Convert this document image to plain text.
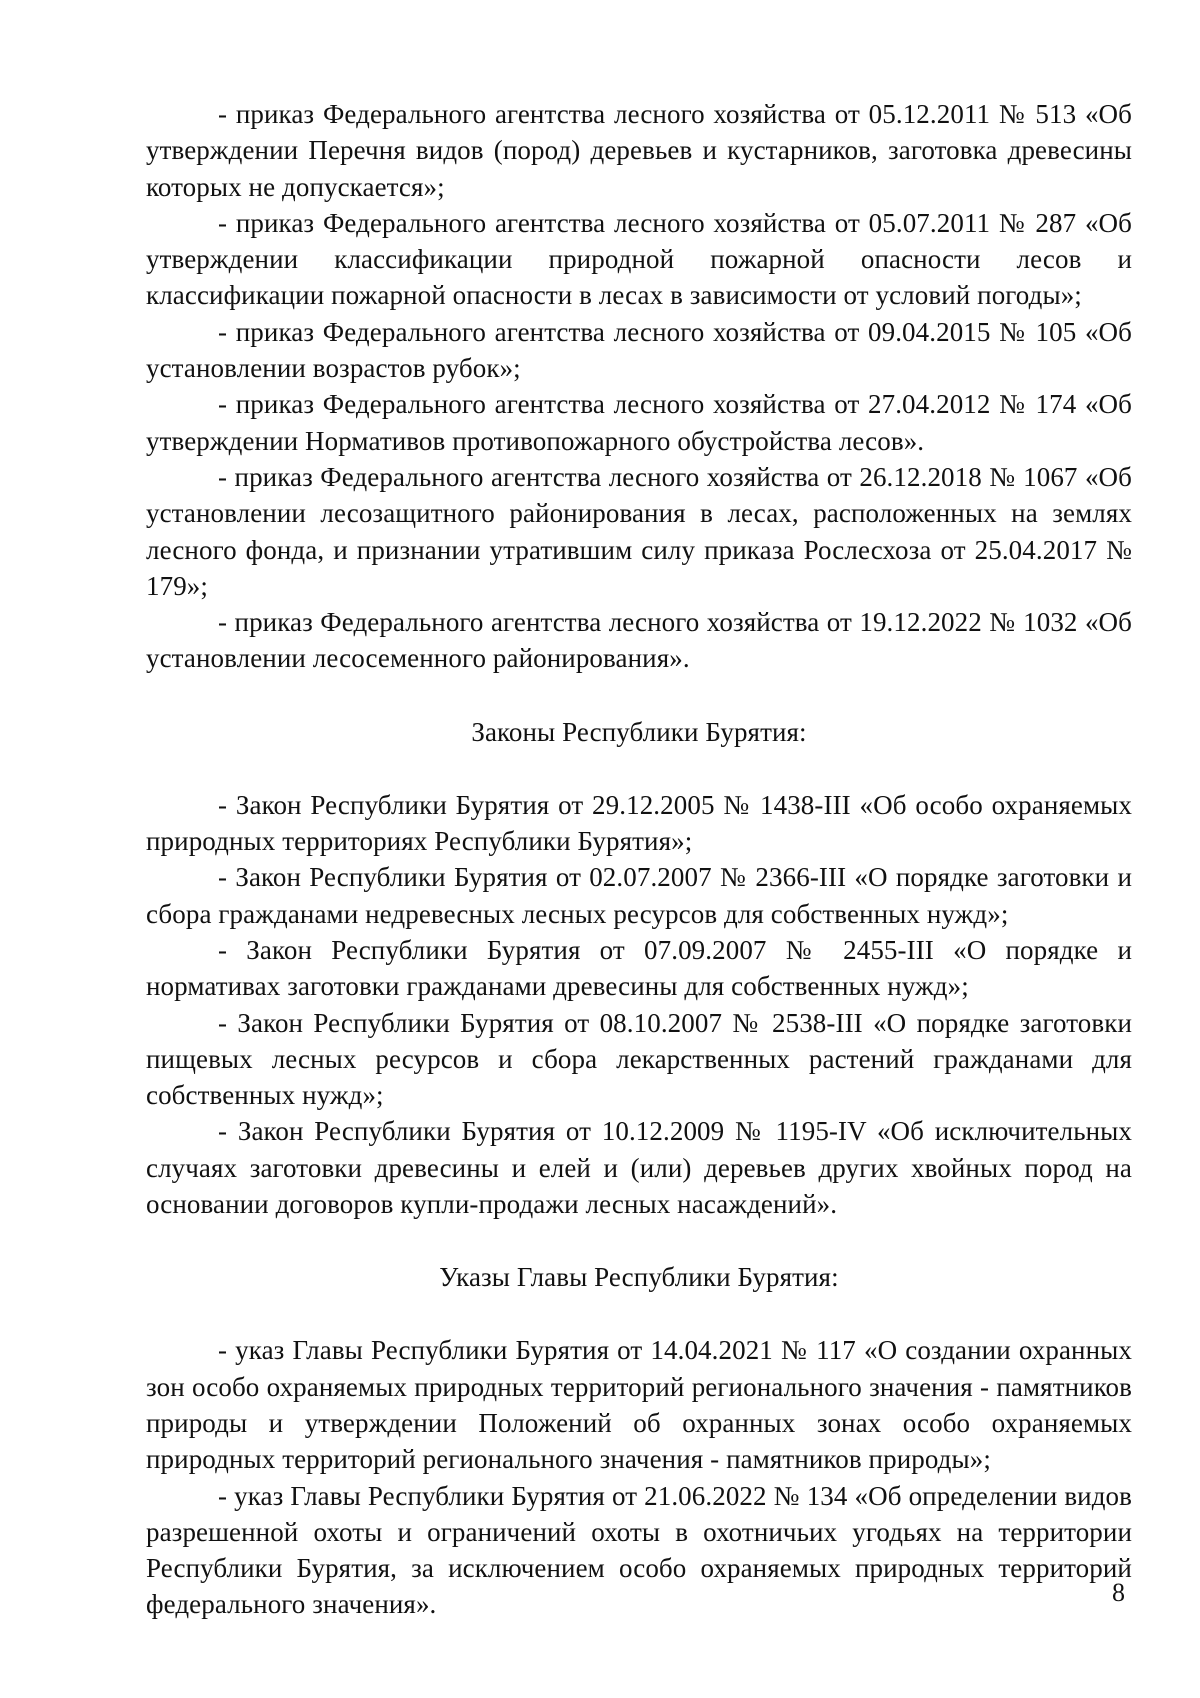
- приказ Федерального агентства лесного хозяйства от 05.12.2011 № 513 «Об утверждении Перечня видов (пород) деревьев и кустарников, заготовка древесины которых не допускается»;

- приказ Федерального агентства лесного хозяйства от 05.07.2011 № 287 «Об утверждении классификации природной пожарной опасности лесов и классификации пожарной опасности в лесах в зависимости от условий погоды»;

- приказ Федерального агентства лесного хозяйства от 09.04.2015 № 105 «Об установлении возрастов рубок»;

- приказ Федерального агентства лесного хозяйства от 27.04.2012 № 174 «Об утверждении Нормативов противопожарного обустройства лесов».

- приказ Федерального агентства лесного хозяйства от 26.12.2018 № 1067 «Об установлении лесозащитного районирования в лесах, расположенных на землях лесного фонда, и признании утратившим силу приказа Рослесхоза от 25.04.2017 № 179»;

- приказ Федерального агентства лесного хозяйства от 19.12.2022 № 1032 «Об установлении лесосеменного районирования».

Законы Республики Бурятия:

- Закон Республики Бурятия от 29.12.2005 № 1438-III «Об особо охраняемых природных территориях Республики Бурятия»;

- Закон Республики Бурятия от 02.07.2007 № 2366-III «О порядке заготовки и сбора гражданами недревесных лесных ресурсов для собственных нужд»;

- Закон Республики Бурятия от 07.09.2007 № 2455-III «О порядке и нормативах заготовки гражданами древесины для собственных нужд»;

- Закон Республики Бурятия от 08.10.2007 № 2538-III «О порядке заготовки пищевых лесных ресурсов и сбора лекарственных растений гражданами для собственных нужд»;

- Закон Республики Бурятия от 10.12.2009 № 1195-IV «Об исключительных случаях заготовки древесины и елей и (или) деревьев других хвойных пород на основании договоров купли-продажи лесных насаждений».

Указы Главы Республики Бурятия:

- указ Главы Республики Бурятия от 14.04.2021 № 117 «О создании охранных зон особо охраняемых природных территорий регионального значения - памятников природы и утверждении Положений об охранных зонах особо охраняемых природных территорий регионального значения - памятников природы»;

- указ Главы Республики Бурятия от 21.06.2022 № 134 «Об определении видов разрешенной охоты и ограничений охоты в охотничьих угодьях на территории Республики Бурятия, за исключением особо охраняемых природных территорий федерального значения».	8
